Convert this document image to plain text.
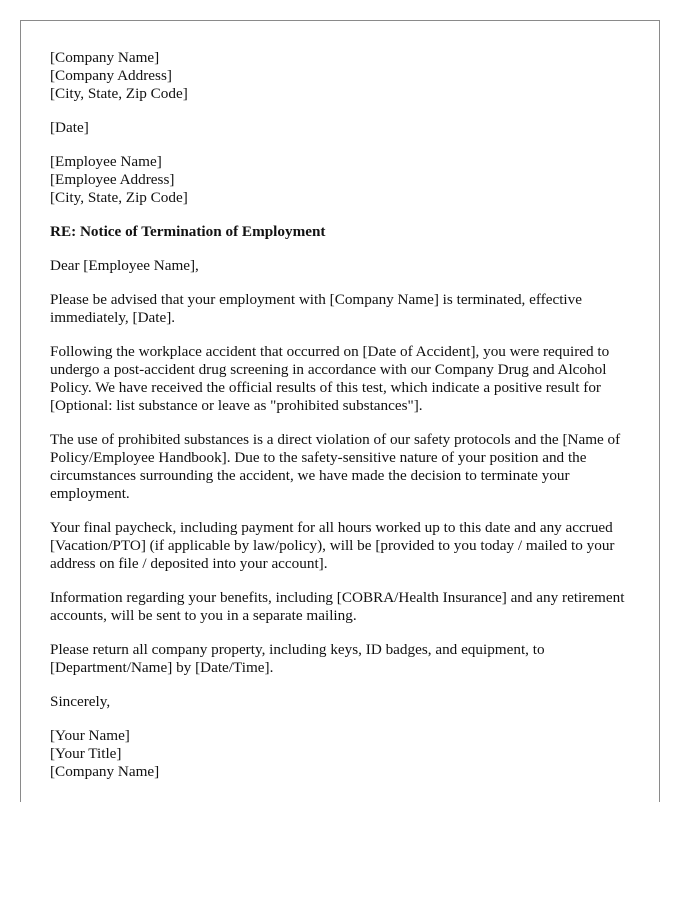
[Company Name]
[Company Address]
[City, State, Zip Code]
[Date]
[Employee Name]
[Employee Address]
[City, State, Zip Code]
RE: Notice of Termination of Employment
Dear [Employee Name],

Please be advised that your employment with [Company Name] is terminated, effective immediately, [Date].

Following the workplace accident that occurred on [Date of Accident], you were required to undergo a post-accident drug screening in accordance with our Company Drug and Alcohol Policy. We have received the official results of this test, which indicate a positive result for [Optional: list substance or leave as "prohibited substances"].

The use of prohibited substances is a direct violation of our safety protocols and the [Name of Policy/Employee Handbook]. Due to the safety-sensitive nature of your position and the circumstances surrounding the accident, we have made the decision to terminate your employment.

Your final paycheck, including payment for all hours worked up to this date and any accrued [Vacation/PTO] (if applicable by law/policy), will be [provided to you today / mailed to your address on file / deposited into your account].

Information regarding your benefits, including [COBRA/Health Insurance] and any retirement accounts, will be sent to you in a separate mailing.

Please return all company property, including keys, ID badges, and equipment, to [Department/Name] by [Date/Time].

Sincerely,
[Your Name]
[Your Title]
[Company Name]
